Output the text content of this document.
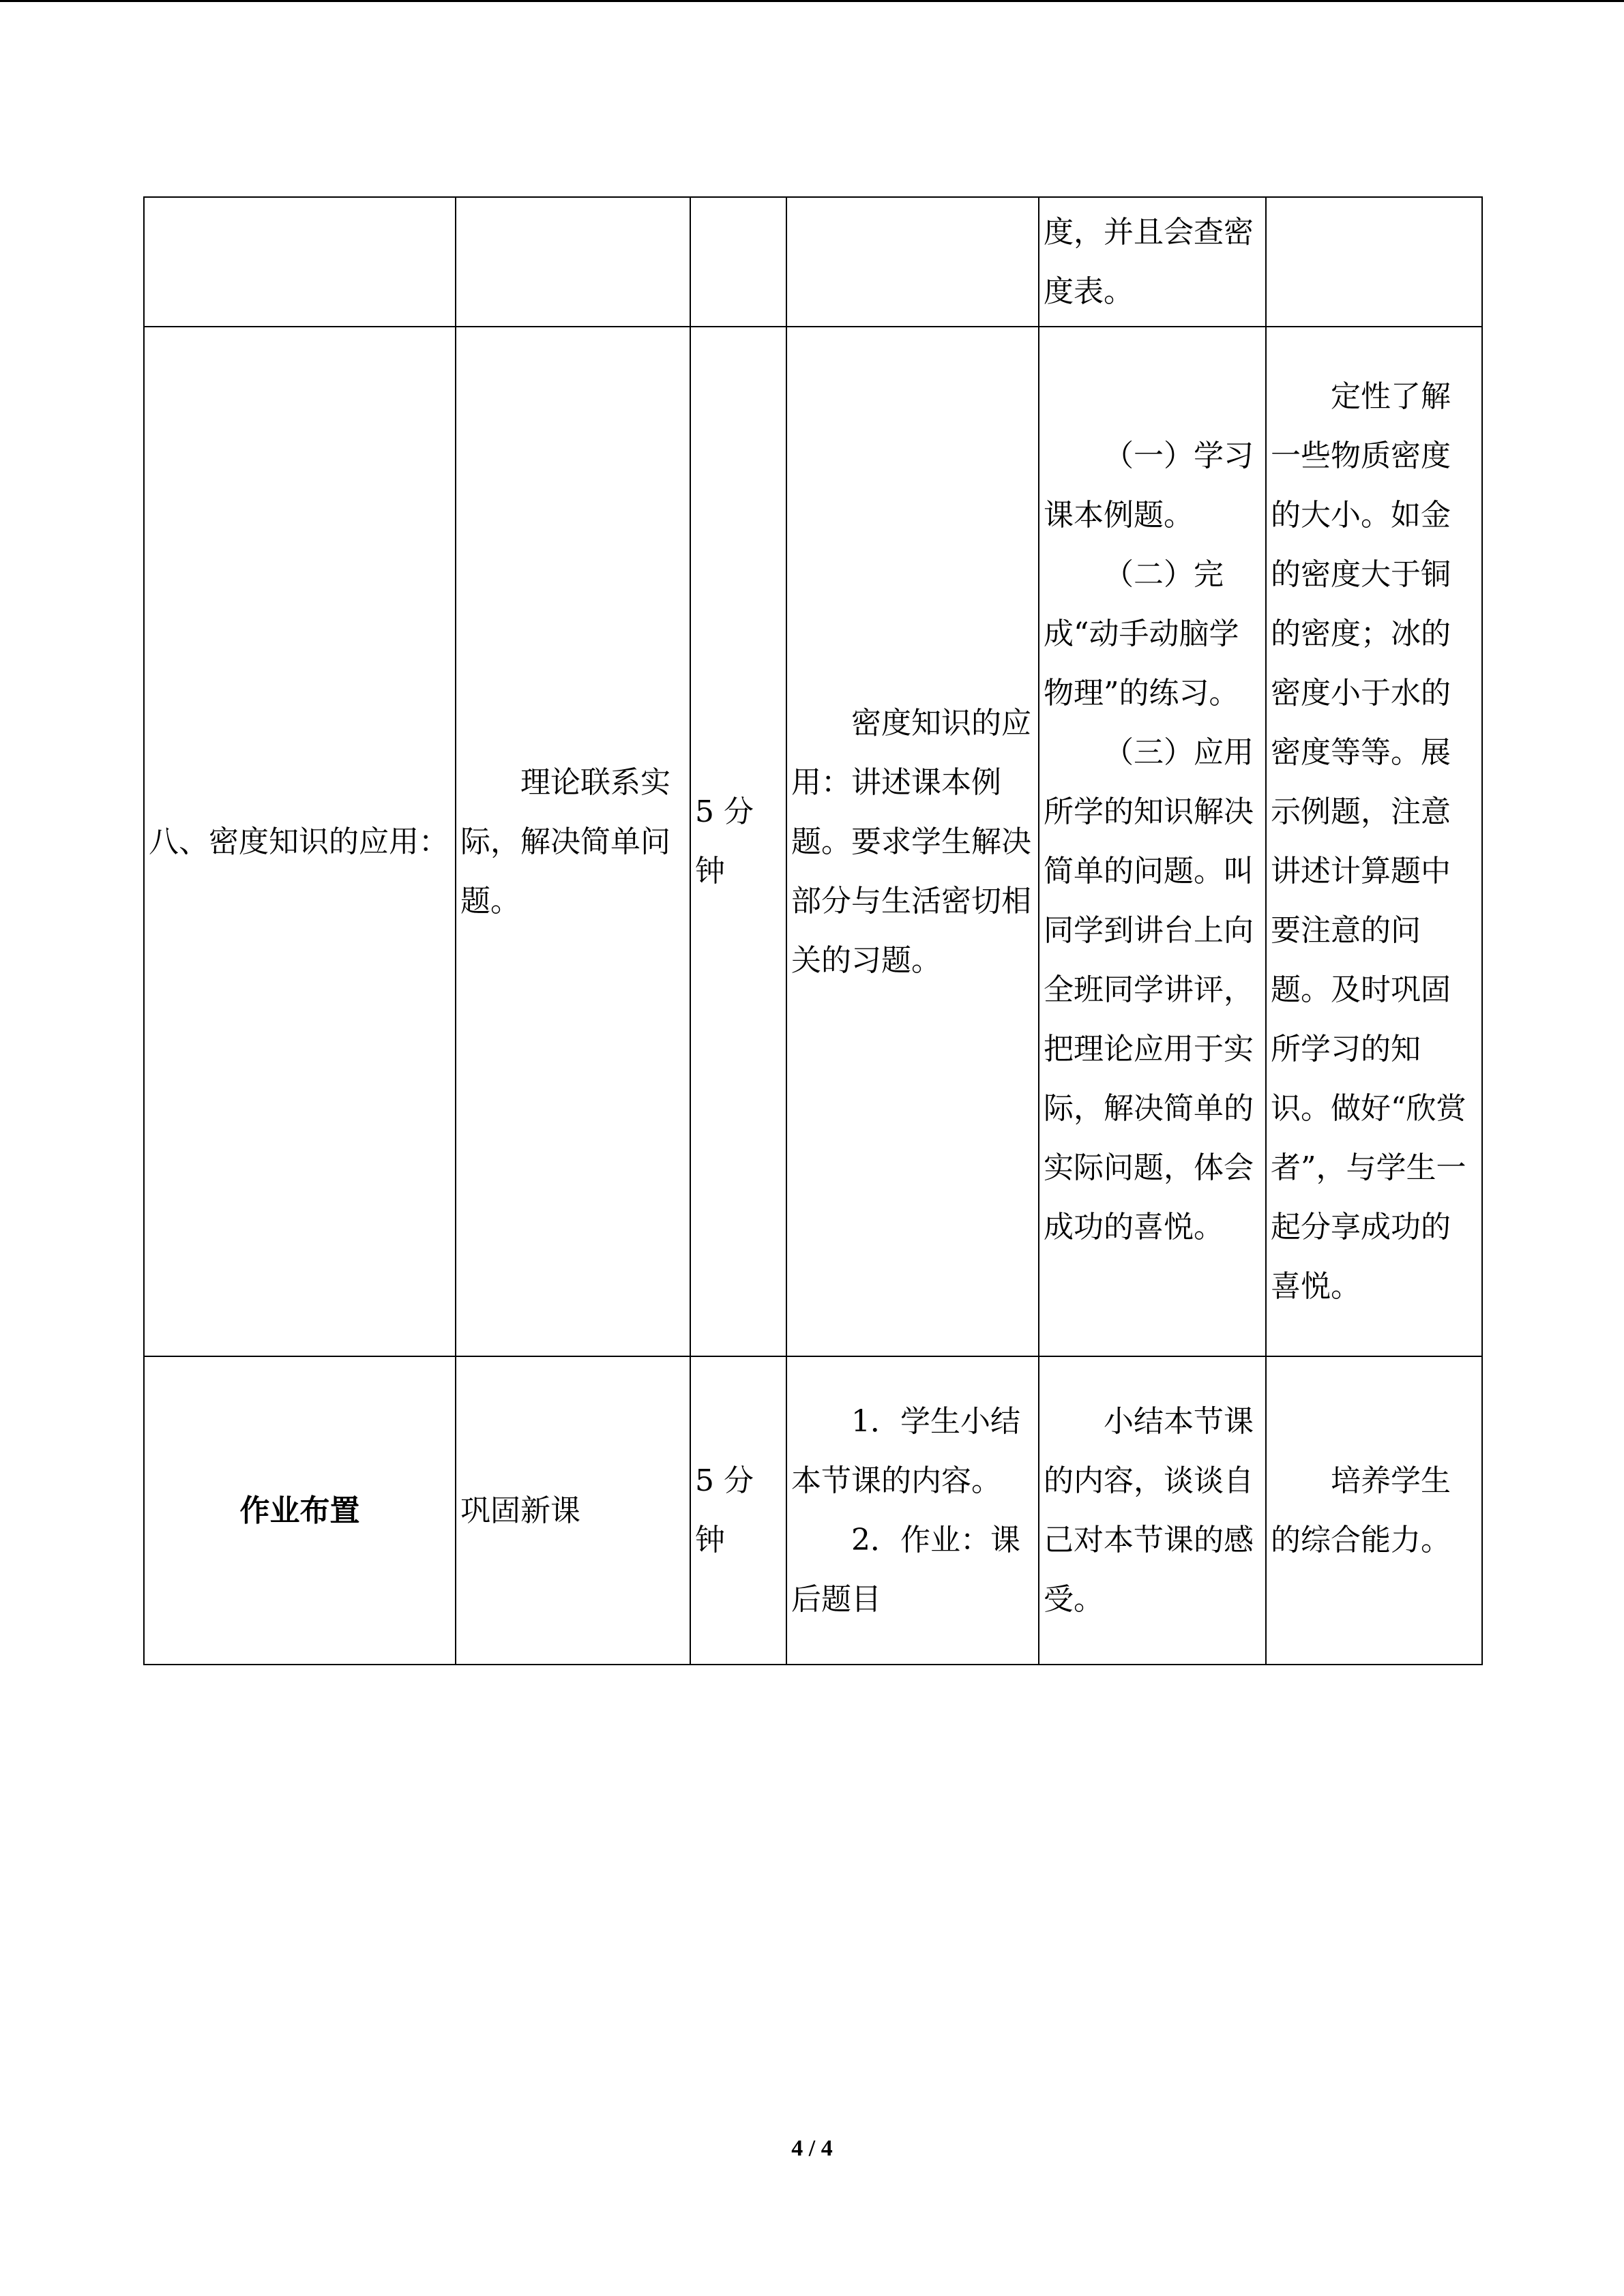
				度，并且会查密度表。	

八、密度知识的应用：	理论联系实际，解决简单问题。	5 分钟	密度知识的应用：讲述课本例题。要求学生解决部分与生活密切相关的习题。	（一）学习课本例题。

（二）完成“动手动脑学物理”的练习。

（三）应用所学的知识解决简单的问题。叫同学到讲台上向全班同学讲评，把理论应用于实际，解决简单的实际问题，体会成功的喜悦。	定性了解一些物质密度的大小。如金的密度大于铜的密度；冰的密度小于水的密度等等。展示例题，注意讲述计算题中要注意的问题。及时巩固所学习的知识。做好“欣赏者”，与学生一起分享成功的喜悦。
作业布置	巩固新课	5 分钟	1．学生小结本节课的内容。

2．作业：课后题目	小结本节课的内容，谈谈自己对本节课的感受。	培养学生的综合能力。
4 / 4
